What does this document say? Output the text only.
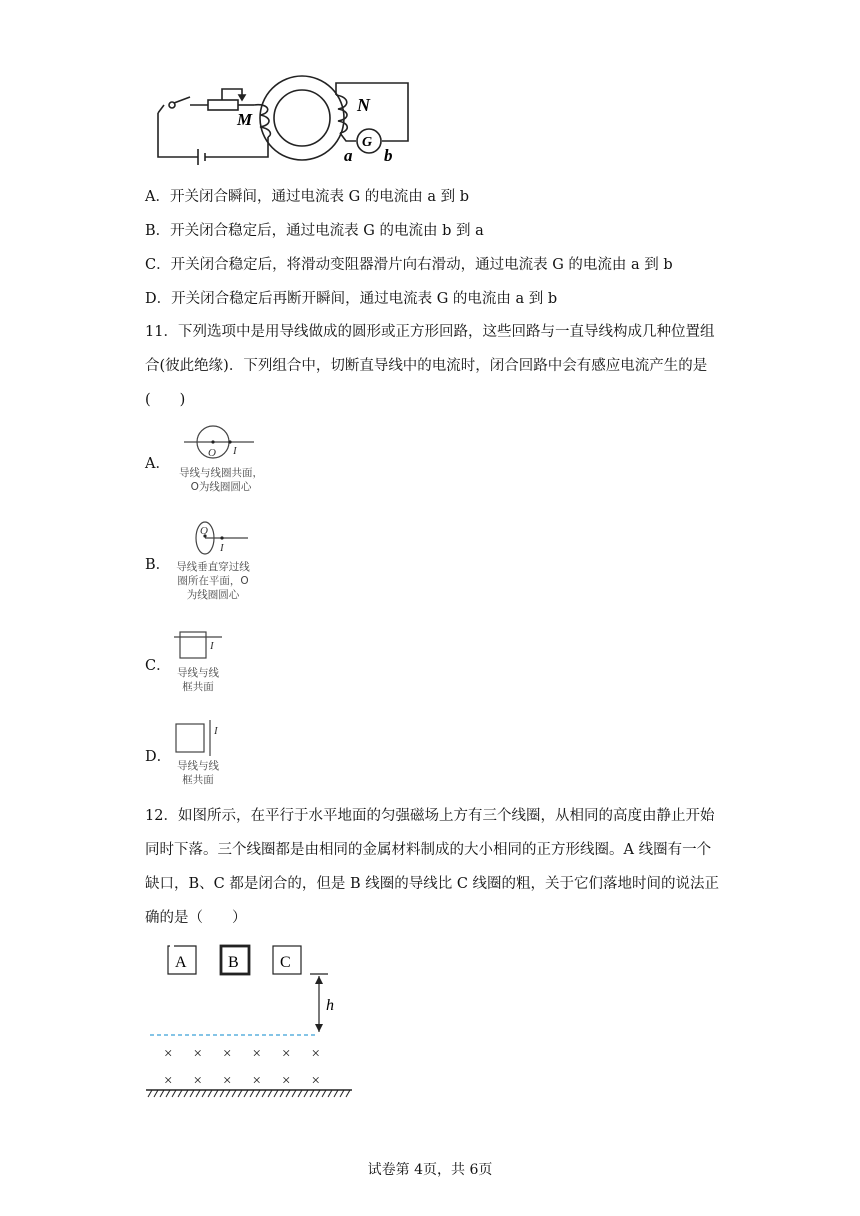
M
N
G
a b
A．开关闭合瞬间，通过电流表 G 的电流由 a 到 b
B．开关闭合稳定后，通过电流表 G 的电流由 b 到 a
C．开关闭合稳定后，将滑动变阻器滑片向右滑动，通过电流表 G 的电流由 a 到 b
D．开关闭合稳定后再断开瞬间，通过电流表 G 的电流由 a 到 b
11．下列选项中是用导线做成的圆形或正方形回路，这些回路与一直导线构成几种位置组合(彼此绝缘)．下列组合中，切断直导线中的电流时，闭合回路中会有感应电流产生的是(　　)
A．
O I
导线与线圈共面，
O为线圈圆心
B．
O
I
导线垂直穿过线
圈所在平面，O
为线圈圆心
C．
I
导线与线
框共面
D．
I
导线与线
框共面
12．如图所示，在平行于水平地面的匀强磁场上方有三个线圈，从相同的高度由静止开始同时下落。三个线圈都是由相同的金属材料制成的大小相同的正方形线圈。A 线圈有一个缺口，B、C 都是闭合的，但是 B 线圈的导线比 C 线圈的粗，关于它们落地时间的说法正确的是（　　）
A	B	C
h
× × × × × ×
× × × × × ×
试卷第 4页，共 6页
